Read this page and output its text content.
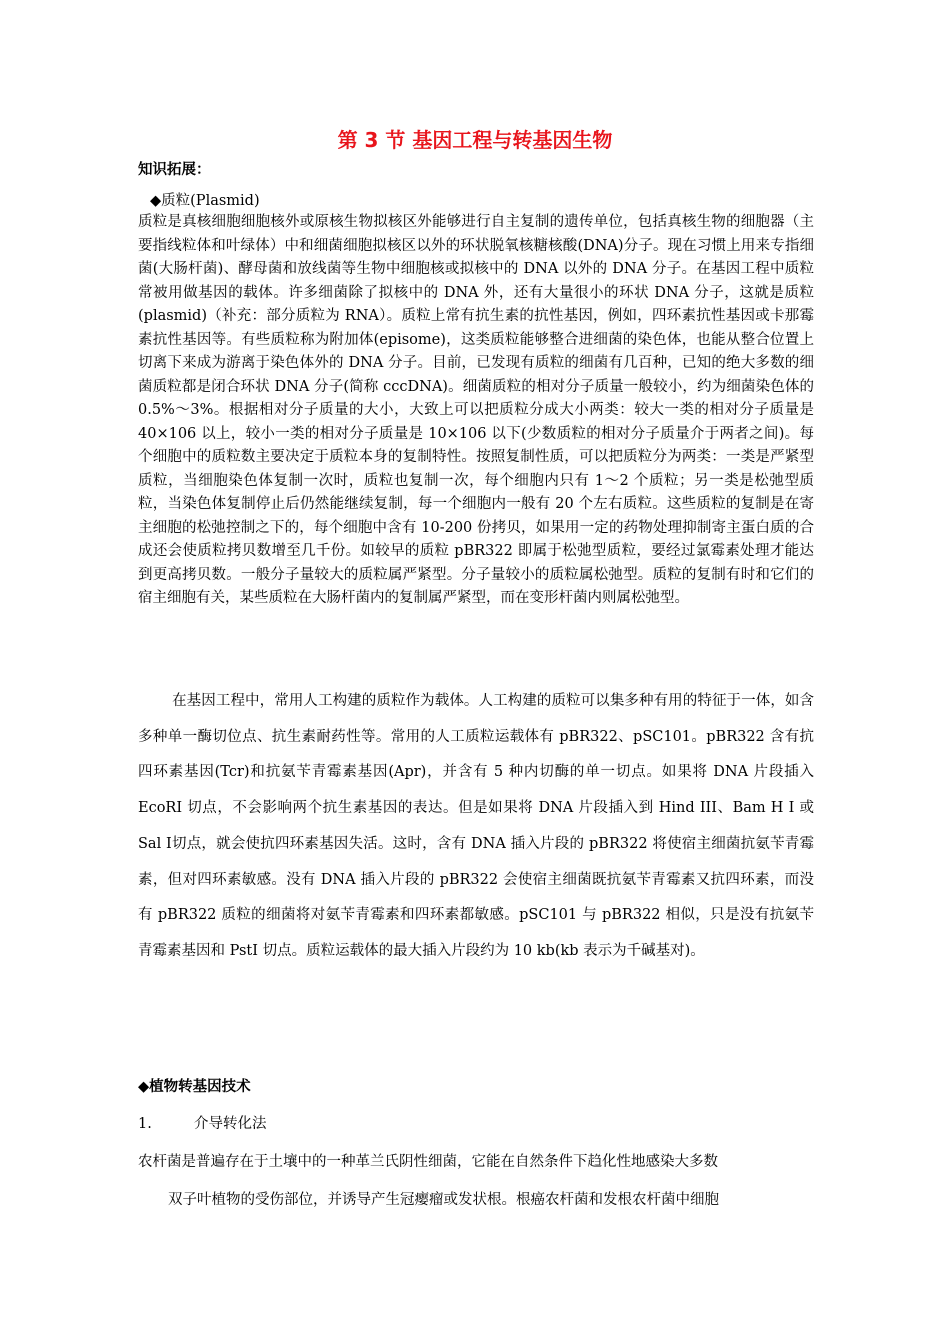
第 3 节 基因工程与转基因生物
知识拓展：
◆质粒(Plasmid)
质粒是真核细胞细胞核外或原核生物拟核区外能够进行自主复制的遗传单位，包括真核生物的细胞器（主要指线粒体和叶绿体）中和细菌细胞拟核区以外的环状脱氧核糖核酸(DNA)分子。现在习惯上用来专指细菌(大肠杆菌)、酵母菌和放线菌等生物中细胞核或拟核中的 DNA 以外的 DNA 分子。在基因工程中质粒常被用做基因的载体。许多细菌除了拟核中的 DNA 外，还有大量很小的环状 DNA 分子，这就是质粒(plasmid)（补充：部分质粒为 RNA）。质粒上常有抗生素的抗性基因，例如，四环素抗性基因或卡那霉素抗性基因等。有些质粒称为附加体(episome)，这类质粒能够整合进细菌的染色体，也能从整合位置上切离下来成为游离于染色体外的 DNA 分子。目前，已发现有质粒的细菌有几百种，已知的绝大多数的细菌质粒都是闭合环状 DNA 分子(简称 cccDNA)。细菌质粒的相对分子质量一般较小，约为细菌染色体的 0.5%～3%。根据相对分子质量的大小，大致上可以把质粒分成大小两类：较大一类的相对分子质量是 40×106 以上，较小一类的相对分子质量是 10×106 以下(少数质粒的相对分子质量介于两者之间)。每个细胞中的质粒数主要决定于质粒本身的复制特性。按照复制性质，可以把质粒分为两类：一类是严紧型质粒，当细胞染色体复制一次时，质粒也复制一次，每个细胞内只有 1～2 个质粒；另一类是松弛型质粒，当染色体复制停止后仍然能继续复制，每一个细胞内一般有 20 个左右质粒。这些质粒的复制是在寄主细胞的松弛控制之下的，每个细胞中含有 10-200 份拷贝，如果用一定的药物处理抑制寄主蛋白质的合成还会使质粒拷贝数增至几千份。如较早的质粒 pBR322 即属于松弛型质粒，要经过氯霉素处理才能达到更高拷贝数。一般分子量较大的质粒属严紧型。分子量较小的质粒属松弛型。质粒的复制有时和它们的宿主细胞有关，某些质粒在大肠杆菌内的复制属严紧型，而在变形杆菌内则属松弛型。
在基因工程中，常用人工构建的质粒作为载体。人工构建的质粒可以集多种有用的特征于一体，如含多种单一酶切位点、抗生素耐药性等。常用的人工质粒运载体有 pBR322、pSC101。pBR322 含有抗四环素基因(Tcr)和抗氨苄青霉素基因(Apr)，并含有 5 种内切酶的单一切点。如果将 DNA 片段插入 EcoRI 切点，不会影响两个抗生素基因的表达。但是如果将 DNA 片段插入到 Hind III、Bam H I 或 Sal I切点，就会使抗四环素基因失活。这时，含有 DNA 插入片段的 pBR322 将使宿主细菌抗氨苄青霉素，但对四环素敏感。没有 DNA 插入片段的 pBR322 会使宿主细菌既抗氨苄青霉素又抗四环素，而没有 pBR322 质粒的细菌将对氨苄青霉素和四环素都敏感。pSC101 与 pBR322 相似，只是没有抗氨苄青霉素基因和 PstI 切点。质粒运载体的最大插入片段约为 10 kb(kb 表示为千碱基对)。
◆植物转基因技术
1.	介导转化法
农杆菌是普遍存在于土壤中的一种革兰氏阴性细菌，它能在自然条件下趋化性地感染大多数
双子叶植物的受伤部位，并诱导产生冠瘿瘤或发状根。根癌农杆菌和发根农杆菌中细胞
